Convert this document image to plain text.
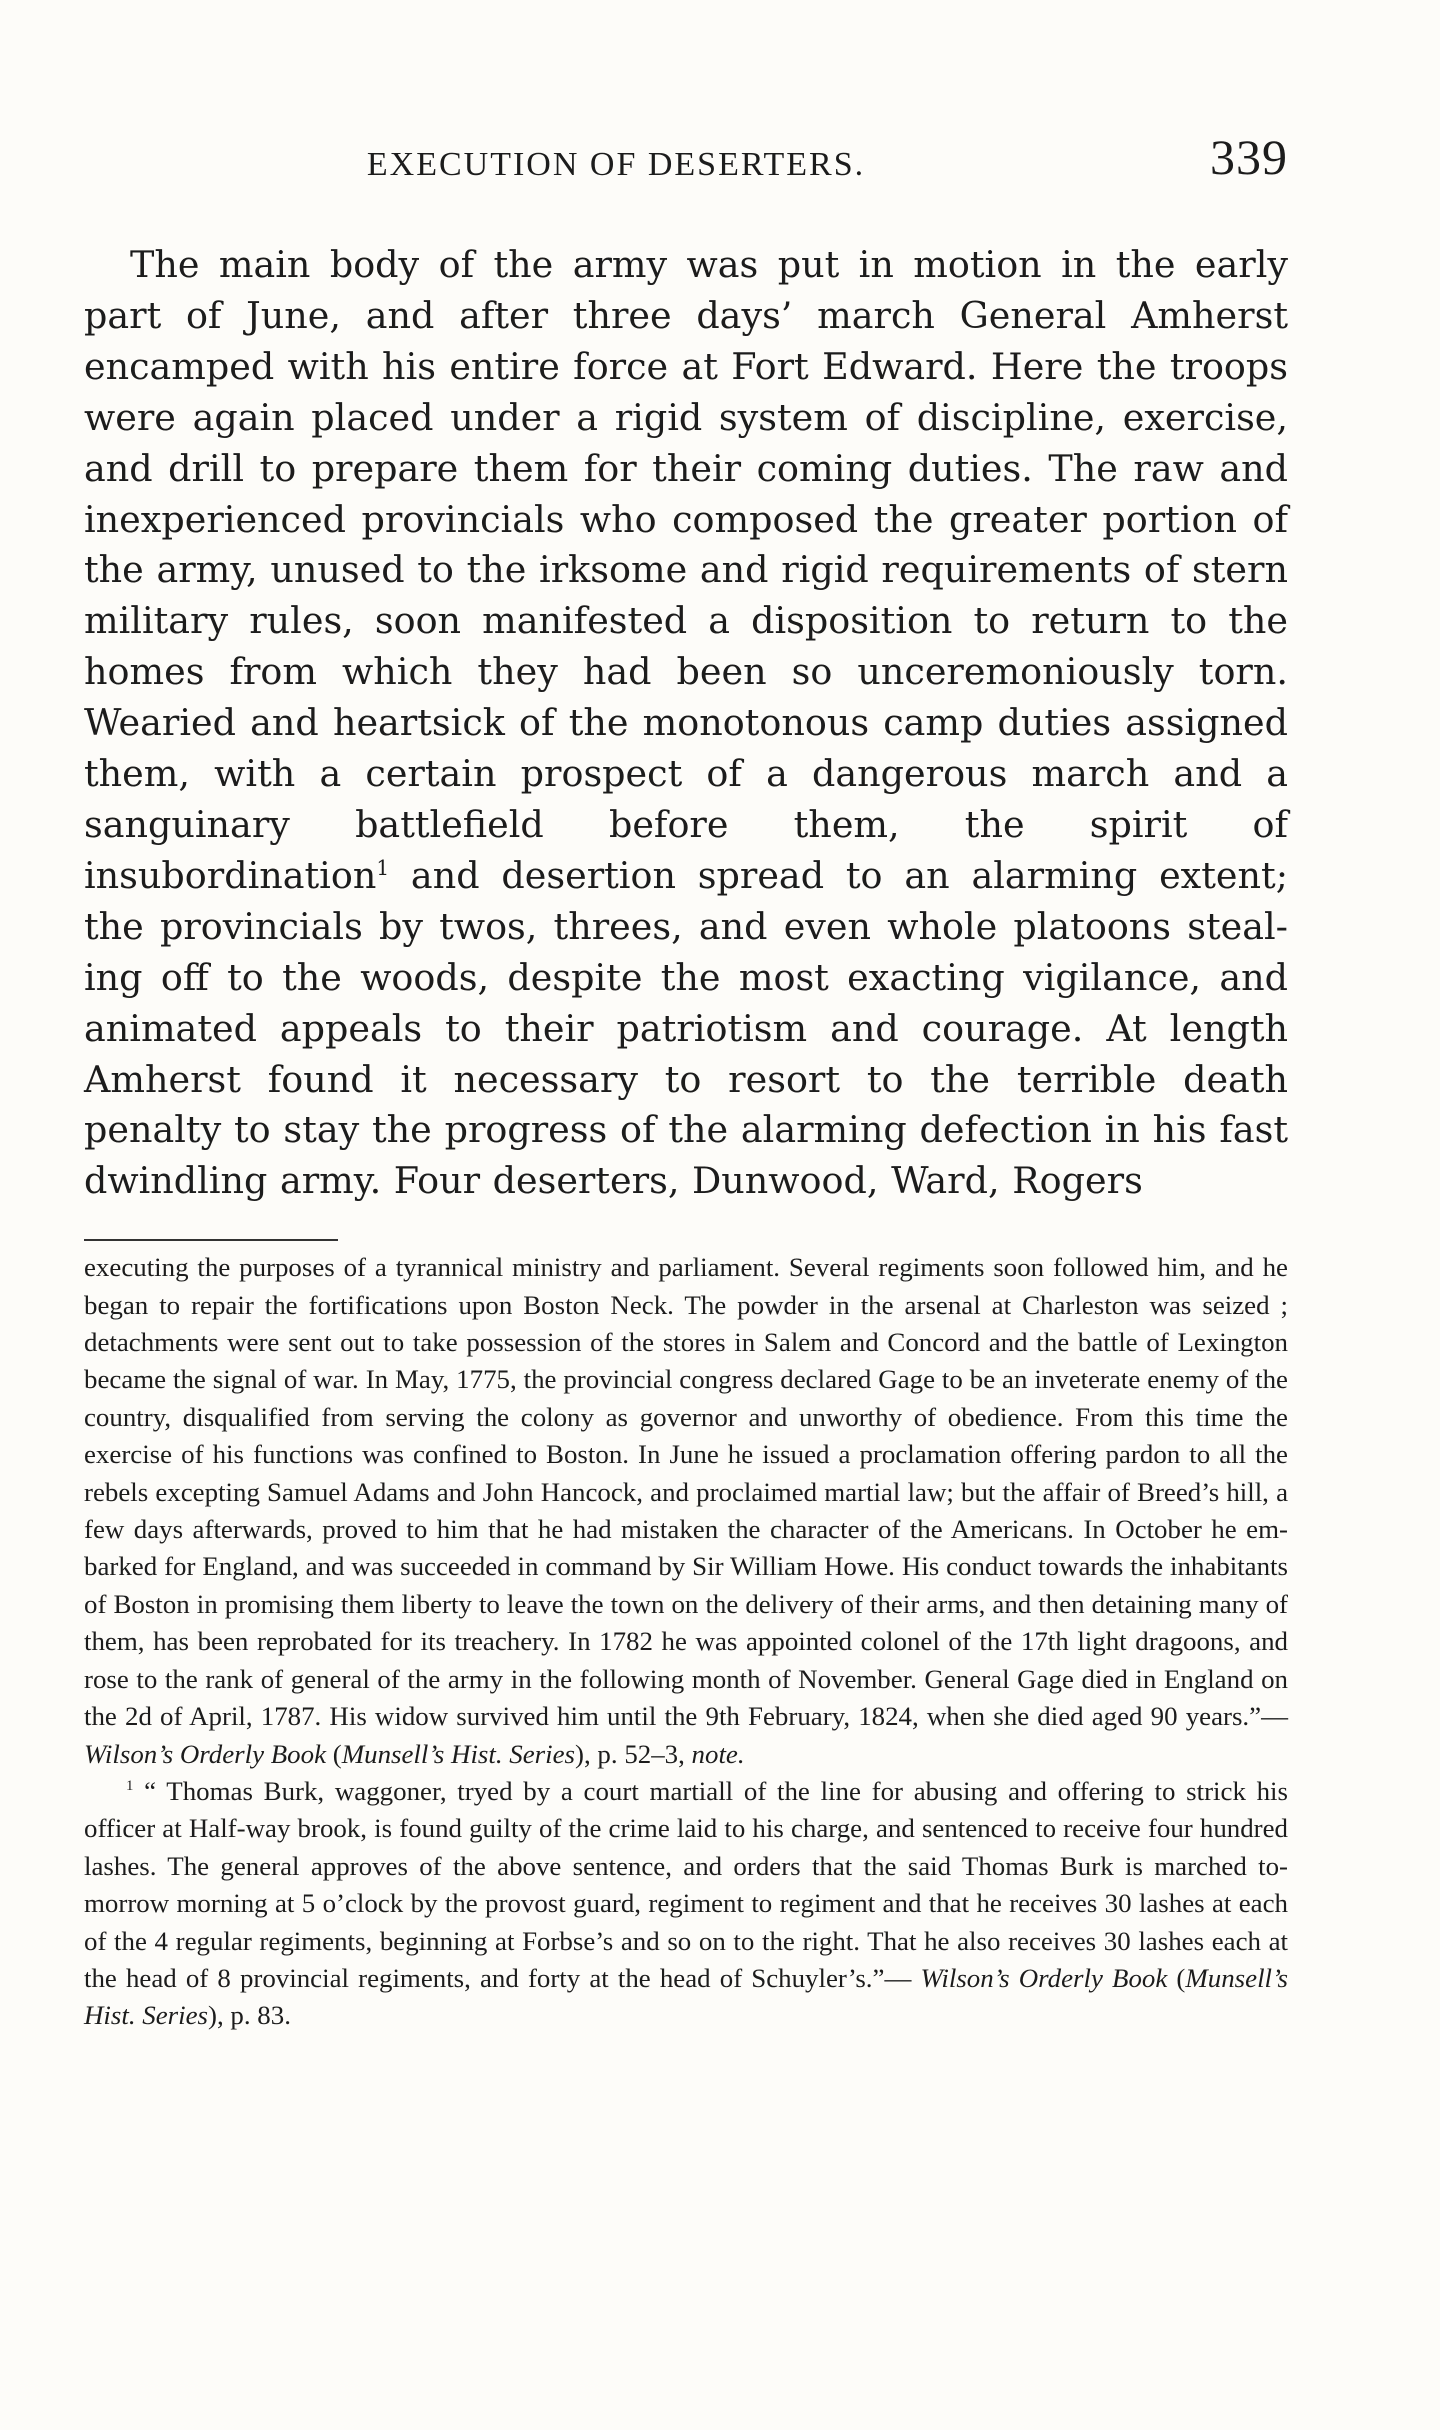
EXECUTION OF DESERTERS.	339
The main body of the army was put in motion in the early part of June, and after three days’ march General Amherst encamped with his entire force at Fort Edward. Here the troops were again placed under a rigid system of discipline, exercise, and drill to prepare them for their coming duties. The raw and inexperienced provincials who composed the greater portion of the army, unused to the irksome and rigid requirements of stern military rules, soon manifested a disposition to return to the homes from which they had been so unceremoniously torn. Wearied and heartsick of the monotonous camp duties assigned them, with a certain prospect of a dangerous march and a sanguinary battlefield before them, the spirit of insubordination$^1$ and desertion spread to an alarming extent; the provincials by twos, threes, and even whole platoons stealing off to the woods, despite the most exacting vigilance, and animated appeals to their patriotism and courage. At length Amherst found it necessary to resort to the terrible death penalty to stay the progress of the alarming defection in his fast dwindling army. Four deserters, Dunwood, Ward, Rogers

executing the purposes of a tyrannical ministry and parliament. Several regiments soon followed him, and he began to repair the fortifications upon Boston Neck. The powder in the arsenal at Charleston was seized ; detachments were sent out to take possession of the stores in Salem and Concord and the battle of Lexington became the signal of war. In May, 1775, the provincial congress declared Gage to be an inveterate enemy of the country, disqualified from serving the colony as governor and unworthy of obedience. From this time the exercise of his functions was confined to Boston. In June he issued a proclamation offering pardon to all the rebels excepting Samuel Adams and John Hancock, and proclaimed martial law; but the affair of Breed’s hill, a few days afterwards, proved to him that he had mistaken the character of the Americans. In October he embarked for England, and was succeeded in command by Sir William Howe. His conduct towards the inhabitants of Boston in promising them liberty to leave the town on the delivery of their arms, and then detaining many of them, has been reprobated for its treachery. In 1782 he was appointed colonel of the 17th light dragoons, and rose to the rank of general of the army in the following month of November. General Gage died in England on the 2d of April, 1787. His widow survived him until the 9th February, 1824, when she died aged 90 years.”— Wilson’s Orderly Book (Munsell’s Hist. Series), p. 52–3, note.

$^1$ “ Thomas Burk, waggoner, tryed by a court martiall of the line for abusing and offering to strick his officer at Half-way brook, is found guilty of the crime laid to his charge, and sentenced to receive four hundred lashes. The general approves of the above sentence, and orders that the said Thomas Burk is marched to-morrow morning at 5 o’clock by the provost guard, regiment to regiment and that he receives 30 lashes at each of the 4 regular regiments, beginning at Forbse’s and so on to the right. That he also receives 30 lashes each at the head of 8 provincial regiments, and forty at the head of Schuyler’s.”— Wilson’s Orderly Book (Munsell’s Hist. Series), p. 83.
